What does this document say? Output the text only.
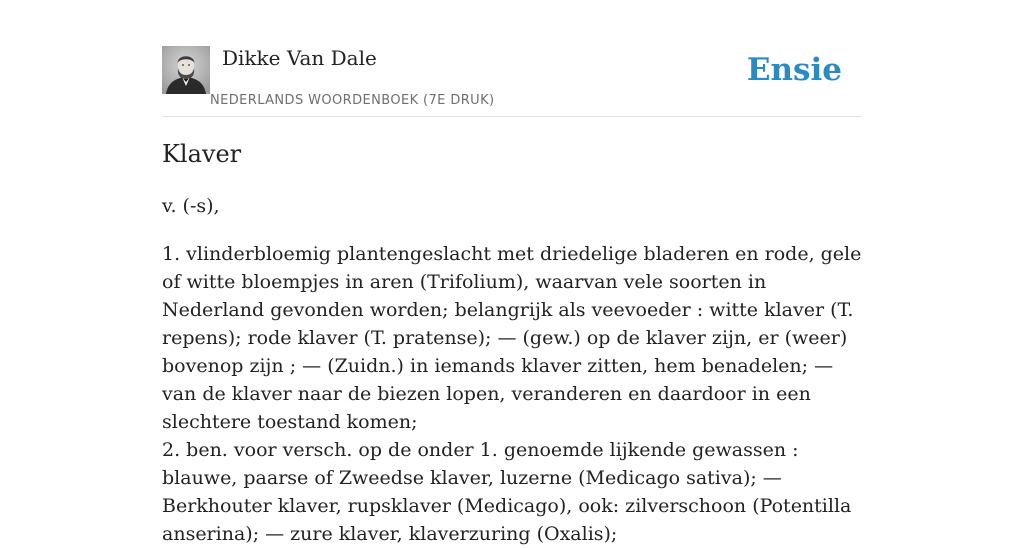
Dikke Van Dale
NEDERLANDS WOORDENBOEK (7E DRUK)
Ensie
Klaver

v. (-s),

1. vlinderbloemig plantengeslacht met driedelige bladeren en rode, gele of witte bloempjes in aren (Trifolium), waarvan vele soorten in Nederland gevonden worden; belangrijk als veevoeder : witte klaver (T. repens); rode klaver (T. pratense); — (gew.) op de klaver zijn, er (weer) bovenop zijn ; — (Zuidn.) in iemands klaver zitten, hem benadelen; — van de klaver naar de biezen lopen, veranderen en daardoor in een slechtere toestand komen;

2. ben. voor versch. op de onder 1. genoemde lijkende gewassen : blauwe, paarse of Zweedse klaver, luzerne (Medicago sativa); — Berkhouter klaver, rupsklaver (Medicago), ook: zilverschoon (Potentilla anserina); — zure klaver, klaverzuring (Oxalis);
